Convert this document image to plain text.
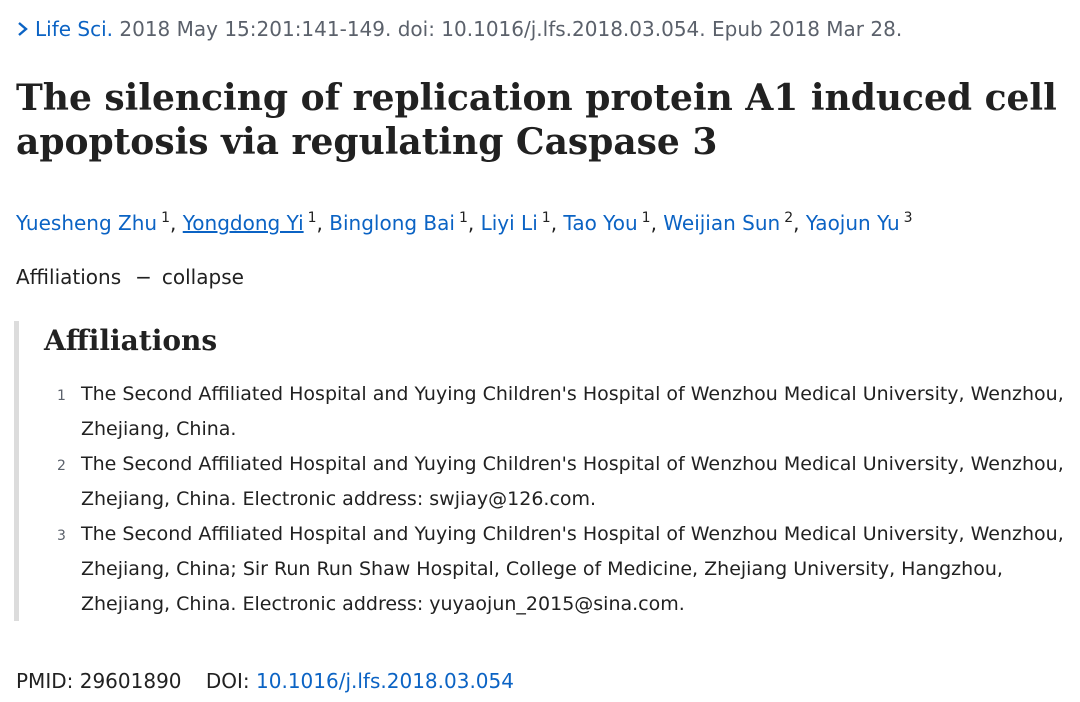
Life Sci. 2018 May 15:201:141-149. doi: 10.1016/j.lfs.2018.03.054. Epub 2018 Mar 28.
The silencing of replication protein A1 induced cell apoptosis via regulating Caspase 3
Yuesheng Zhu $^1$, Yongdong Yi $^1$, Binglong Bai $^1$, Liyi Li $^1$, Tao You $^1$, Weijian Sun $^2$, Yaojun Yu $^3$
Affiliations − collapse
Affiliations
1 The Second Affiliated Hospital and Yuying Children's Hospital of Wenzhou Medical University, Wenzhou, Zhejiang, China.
2 The Second Affiliated Hospital and Yuying Children's Hospital of Wenzhou Medical University, Wenzhou, Zhejiang, China. Electronic address: swjiay@126.com.
3 The Second Affiliated Hospital and Yuying Children's Hospital of Wenzhou Medical University, Wenzhou, Zhejiang, China; Sir Run Run Shaw Hospital, College of Medicine, Zhejiang University, Hangzhou, Zhejiang, China. Electronic address: yuyaojun_2015@sina.com.
PMID: 29601890 DOI: 10.1016/j.lfs.2018.03.054
